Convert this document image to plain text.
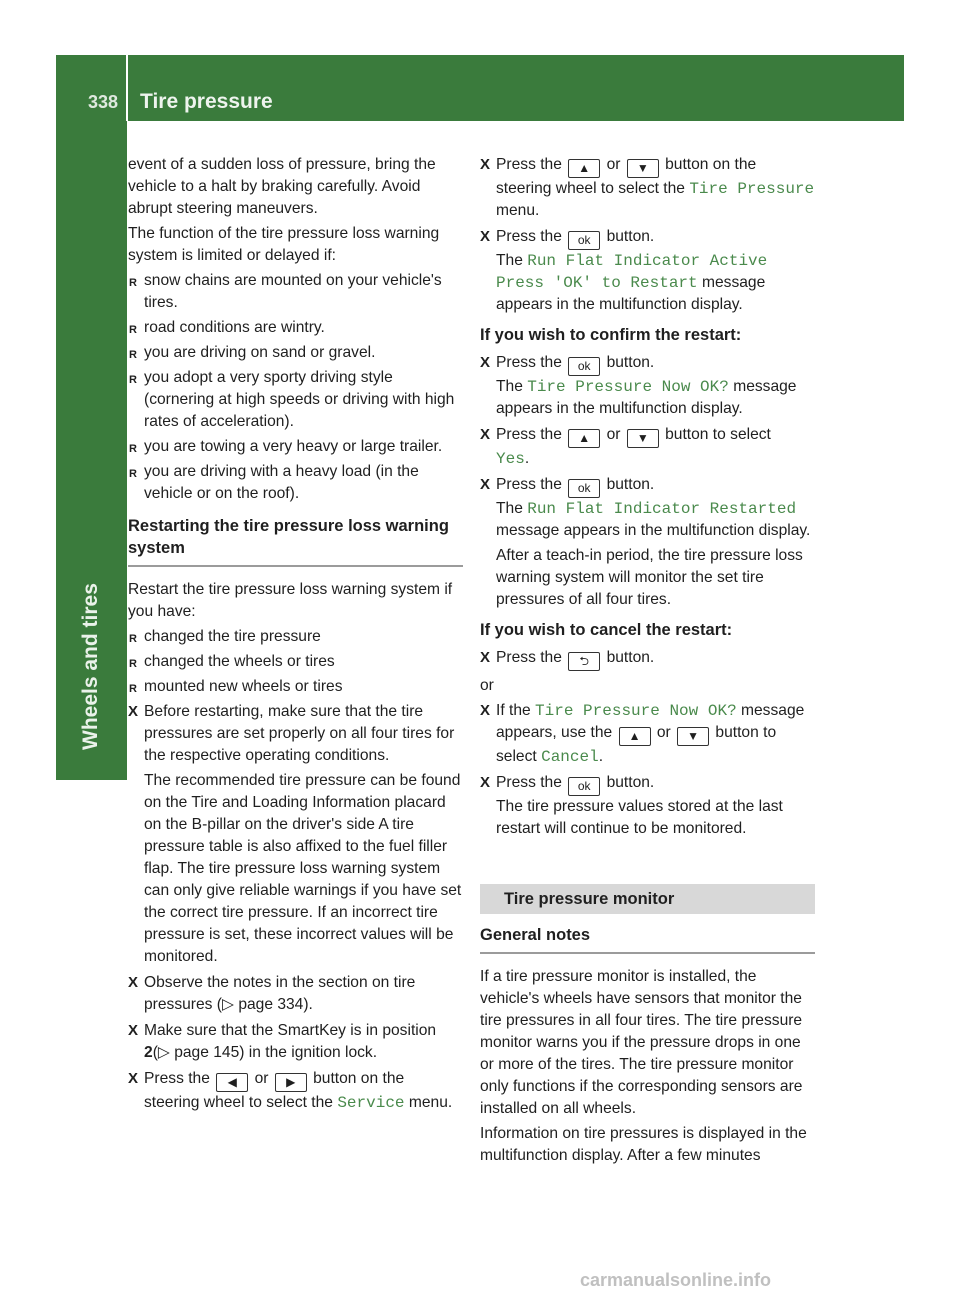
338 Tire pressure
Wheels and tires

event of a sudden loss of pressure, bring the vehicle to a halt by braking carefully. Avoid abrupt steering maneuvers.

The function of the tire pressure loss warning system is limited or delayed if:

R snow chains are mounted on your vehicle's tires.
R road conditions are wintry.
R you are driving on sand or gravel.
R you adopt a very sporty driving style (cornering at high speeds or driving with high rates of acceleration).
R you are towing a very heavy or large trailer.
R you are driving with a heavy load (in the vehicle or on the roof).
Restarting the tire pressure loss warning system

Restart the tire pressure loss warning system if you have:

R changed the tire pressure
R changed the wheels or tires
R mounted new wheels or tires
X Before restarting, make sure that the tire pressures are set properly on all four tires for the respective operating conditions.
The recommended tire pressure can be found on the Tire and Loading Information placard on the B-pillar on the driver's side A tire pressure table is also affixed to the fuel filler flap. The tire pressure loss warning system can only give reliable warnings if you have set the correct tire pressure. If an incorrect tire pressure is set, these incorrect values will be monitored.
X Observe the notes in the section on tire pressures (▷ page 334).
X Make sure that the SmartKey is in position 2(▷ page 145) in the ignition lock.
X Press the ◀ or ▶ button on the steering wheel to select the Service menu.
X Press the ▲ or ▼ button on the steering wheel to select the Tire Pressure menu.
X Press the ok button.
The Run Flat Indicator Active Press 'OK' to Restart message appears in the multifunction display.
If you wish to confirm the restart:
X Press the ok button.
The Tire Pressure Now OK? message appears in the multifunction display.
X Press the ▲ or ▼ button to select
Yes.
X Press the ok button.
The Run Flat Indicator Restarted message appears in the multifunction display.
After a teach-in period, the tire pressure loss warning system will monitor the set tire pressures of all four tires.
If you wish to cancel the restart:
X Press the ⮌ button.

or

X If the Tire Pressure Now OK? message appears, use the ▲ or ▼ button to select Cancel.
X Press the ok button.
The tire pressure values stored at the last restart will continue to be monitored.
Tire pressure monitor
General notes

If a tire pressure monitor is installed, the vehicle's wheels have sensors that monitor the tire pressures in all four tires. The tire pressure monitor warns you if the pressure drops in one or more of the tires. The tire pressure monitor only functions if the corresponding sensors are installed on all wheels.

Information on tire pressures is displayed in the multifunction display. After a few minutes

carmanualsonline.info
